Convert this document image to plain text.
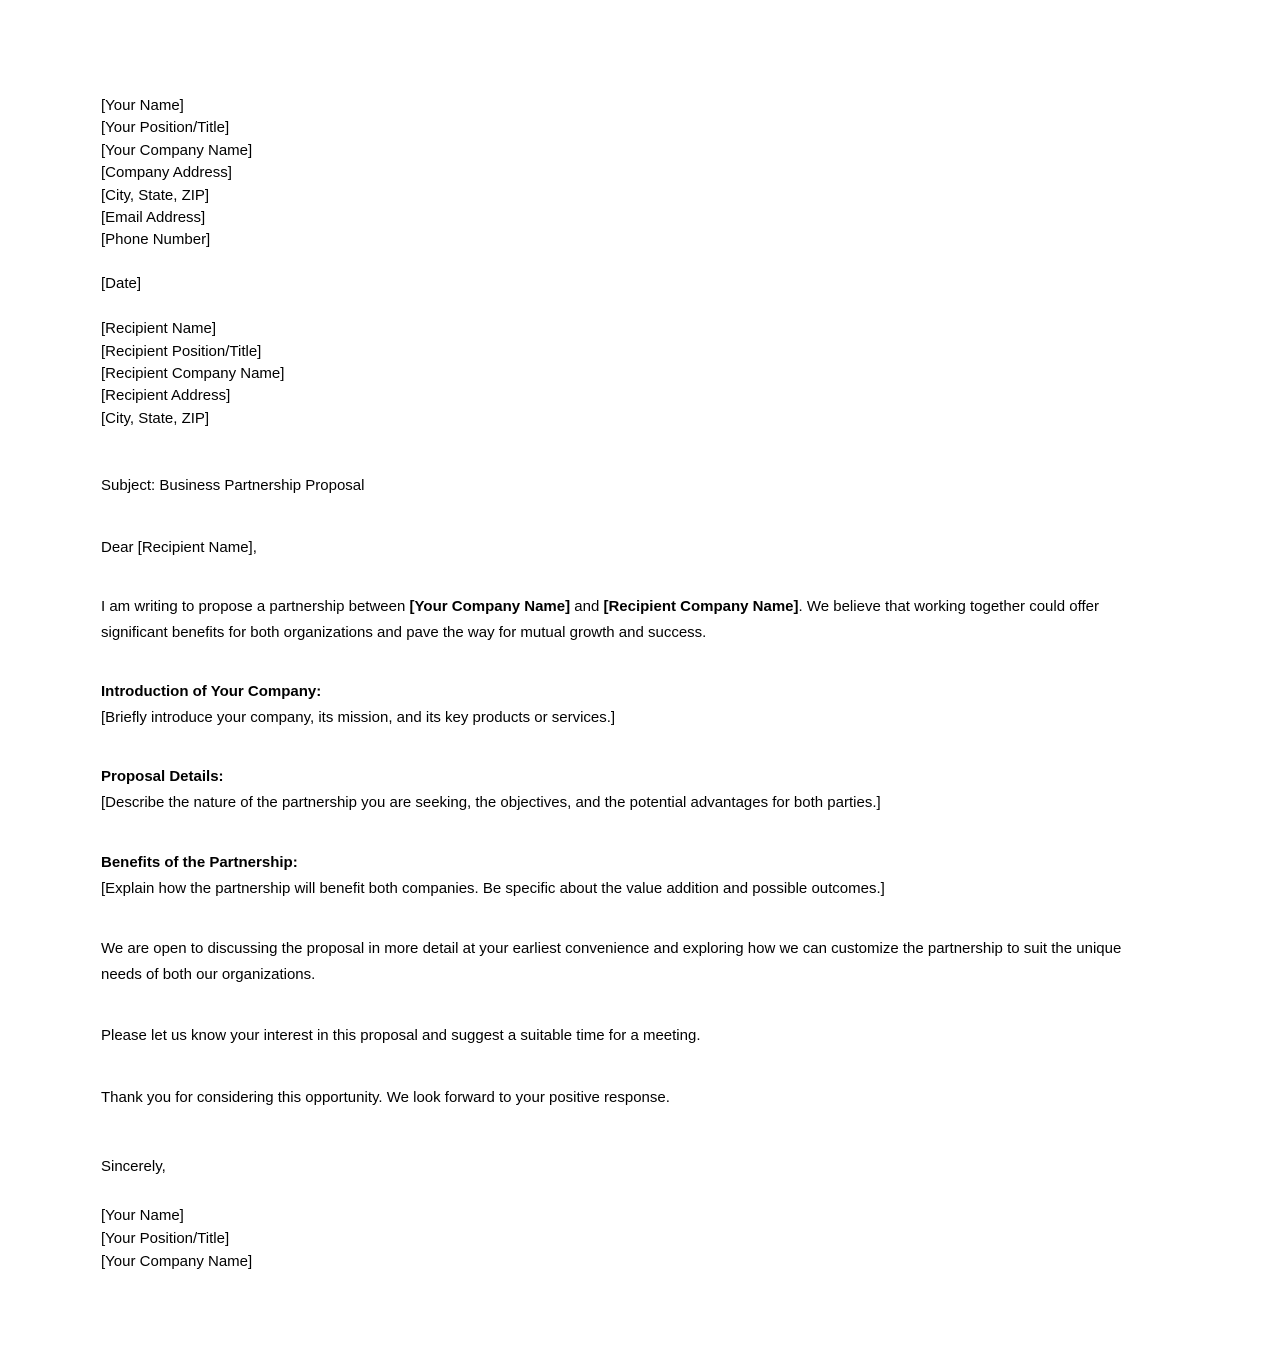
[Your Name]
[Your Position/Title]
[Your Company Name]
[Company Address]
[City, State, ZIP]
[Email Address]
[Phone Number]
[Date]
[Recipient Name]
[Recipient Position/Title]
[Recipient Company Name]
[Recipient Address]
[City, State, ZIP]
Subject: Business Partnership Proposal
Dear [Recipient Name],

I am writing to propose a partnership between [Your Company Name] and [Recipient Company Name]. We believe that working together could offer significant benefits for both organizations and pave the way for mutual growth and success.

Introduction of Your Company:
[Briefly introduce your company, its mission, and its key products or services.]
Proposal Details:
[Describe the nature of the partnership you are seeking, the objectives, and the potential advantages for both parties.]
Benefits of the Partnership:
[Explain how the partnership will benefit both companies. Be specific about the value addition and possible outcomes.]

We are open to discussing the proposal in more detail at your earliest convenience and exploring how we can customize the partnership to suit the unique needs of both our organizations.

Please let us know your interest in this proposal and suggest a suitable time for a meeting.

Thank you for considering this opportunity. We look forward to your positive response.

Sincerely,
[Your Name]
[Your Position/Title]
[Your Company Name]
